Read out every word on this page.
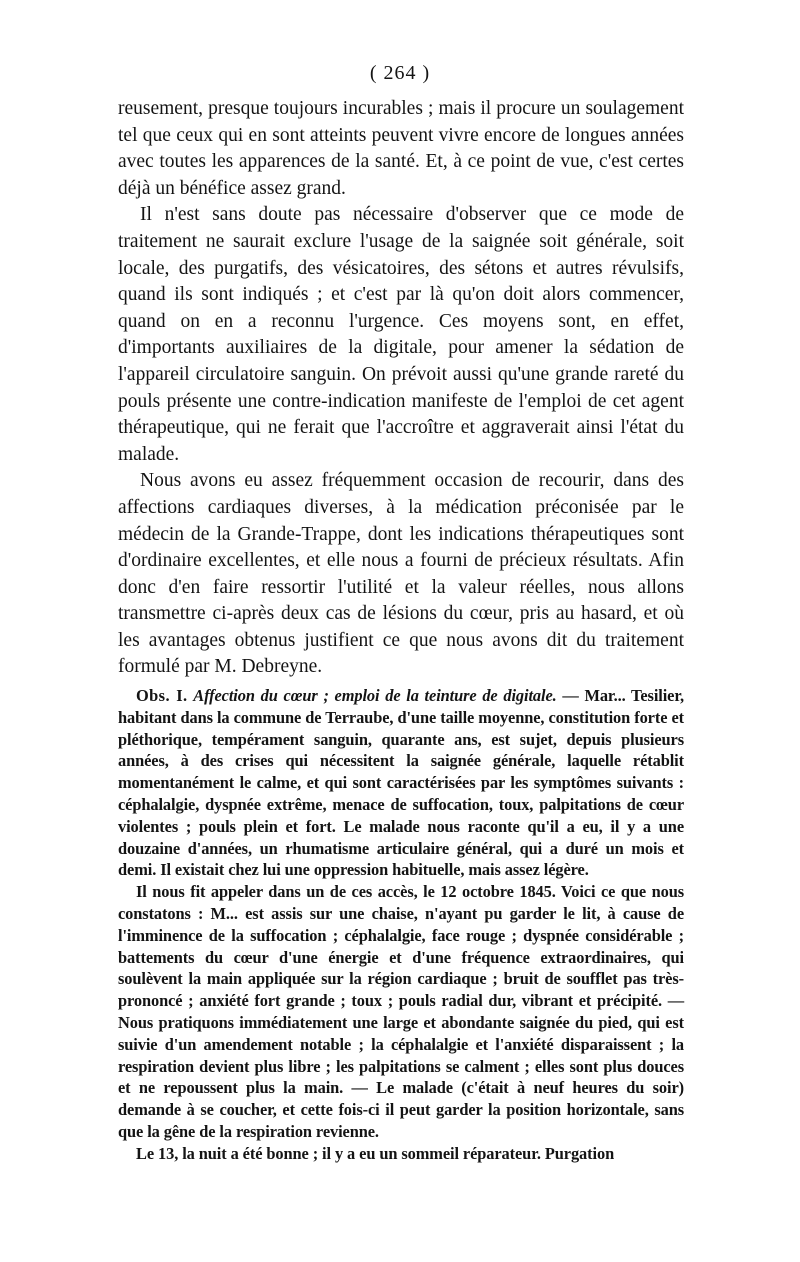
( 264 )

reusement, presque toujours incurables ; mais il procure un soulagement tel que ceux qui en sont atteints peuvent vivre encore de longues années avec toutes les apparences de la santé. Et, à ce point de vue, c'est certes déjà un bénéfice assez grand.

Il n'est sans doute pas nécessaire d'observer que ce mode de traitement ne saurait exclure l'usage de la saignée soit générale, soit locale, des purgatifs, des vésicatoires, des sétons et autres révulsifs, quand ils sont indiqués ; et c'est par là qu'on doit alors commencer, quand on en a reconnu l'urgence. Ces moyens sont, en effet, d'importants auxiliaires de la digitale, pour amener la sédation de l'appareil circulatoire sanguin. On prévoit aussi qu'une grande rareté du pouls présente une contre-indication manifeste de l'emploi de cet agent thérapeutique, qui ne ferait que l'accroître et aggraverait ainsi l'état du malade.

Nous avons eu assez fréquemment occasion de recourir, dans des affections cardiaques diverses, à la médication préconisée par le médecin de la Grande-Trappe, dont les indications thérapeutiques sont d'ordinaire excellentes, et elle nous a fourni de précieux résultats. Afin donc d'en faire ressortir l'utilité et la valeur réelles, nous allons transmettre ci-après deux cas de lésions du cœur, pris au hasard, et où les avantages obtenus justifient ce que nous avons dit du traitement formulé par M. Debreyne.

Obs. I. Affection du cœur ; emploi de la teinture de digitale. — Mar... Tesilier, habitant dans la commune de Terraube, d'une taille moyenne, constitution forte et pléthorique, tempérament sanguin, quarante ans, est sujet, depuis plusieurs années, à des crises qui nécessitent la saignée générale, laquelle rétablit momentanément le calme, et qui sont caractérisées par les symptômes suivants : céphalalgie, dyspnée extrême, menace de suffocation, toux, palpitations de cœur violentes ; pouls plein et fort. Le malade nous raconte qu'il a eu, il y a une douzaine d'années, un rhumatisme articulaire général, qui a duré un mois et demi. Il existait chez lui une oppression habituelle, mais assez légère.

Il nous fit appeler dans un de ces accès, le 12 octobre 1845. Voici ce que nous constatons : M... est assis sur une chaise, n'ayant pu garder le lit, à cause de l'imminence de la suffocation ; céphalalgie, face rouge ; dyspnée considérable ; battements du cœur d'une énergie et d'une fréquence extraordinaires, qui soulèvent la main appliquée sur la région cardiaque ; bruit de soufflet pas très-prononcé ; anxiété fort grande ; toux ; pouls radial dur, vibrant et précipité. — Nous pratiquons immédiatement une large et abondante saignée du pied, qui est suivie d'un amendement notable ; la céphalalgie et l'anxiété disparaissent ; la respiration devient plus libre ; les palpitations se calment ; elles sont plus douces et ne repoussent plus la main. — Le malade (c'était à neuf heures du soir) demande à se coucher, et cette fois-ci il peut garder la position horizontale, sans que la gêne de la respiration revienne.

Le 13, la nuit a été bonne ; il y a eu un sommeil réparateur. Purgation
